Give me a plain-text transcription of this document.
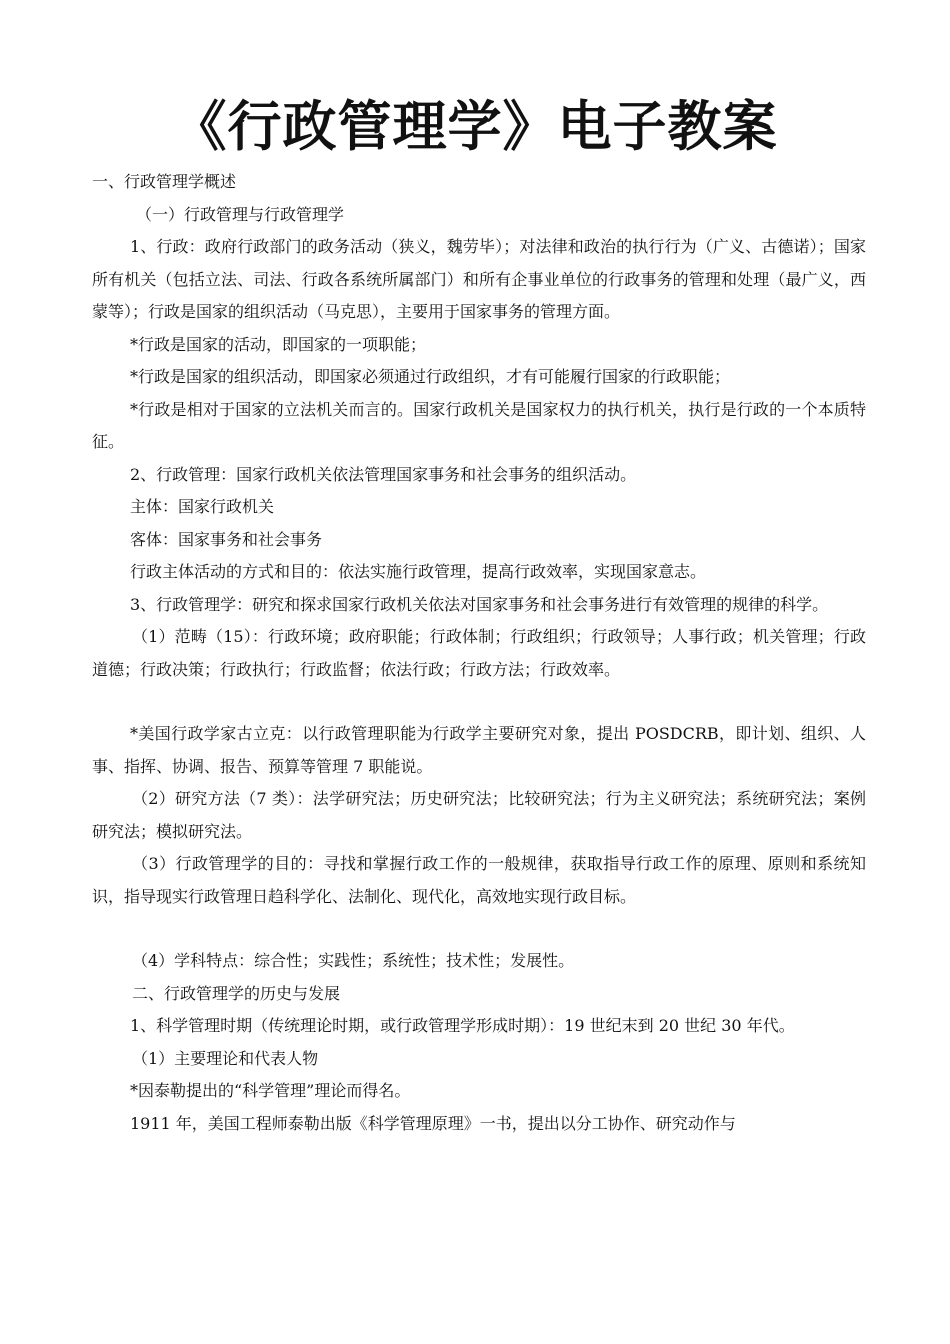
《行政管理学》电子教案

一、行政管理学概述

（一）行政管理与行政管理学

1、行政：政府行政部门的政务活动（狭义，魏劳毕）；对法律和政治的执行行为（广义、古德诺）；国家所有机关（包括立法、司法、行政各系统所属部门）和所有企事业单位的行政事务的管理和处理（最广义，西蒙等）；行政是国家的组织活动（马克思），主要用于国家事务的管理方面。

*行政是国家的活动，即国家的一项职能；

*行政是国家的组织活动，即国家必须通过行政组织，才有可能履行国家的行政职能；

*行政是相对于国家的立法机关而言的。国家行政机关是国家权力的执行机关，执行是行政的一个本质特征。

2、行政管理：国家行政机关依法管理国家事务和社会事务的组织活动。

主体：国家行政机关

客体：国家事务和社会事务

行政主体活动的方式和目的：依法实施行政管理，提高行政效率，实现国家意志。

3、行政管理学：研究和探求国家行政机关依法对国家事务和社会事务进行有效管理的规律的科学。

（1）范畴（15）：行政环境；政府职能；行政体制；行政组织；行政领导；人事行政；机关管理；行政道德；行政决策；行政执行；行政监督；依法行政；行政方法；行政效率。

*美国行政学家古立克：以行政管理职能为行政学主要研究对象，提出 POSDCRB，即计划、组织、人事、指挥、协调、报告、预算等管理 7 职能说。

（2）研究方法（7 类）：法学研究法；历史研究法；比较研究法；行为主义研究法；系统研究法；案例研究法；模拟研究法。

（3）行政管理学的目的：寻找和掌握行政工作的一般规律，获取指导行政工作的原理、原则和系统知识，指导现实行政管理日趋科学化、法制化、现代化，高效地实现行政目标。

（4）学科特点：综合性；实践性；系统性；技术性；发展性。

二、行政管理学的历史与发展

1、科学管理时期（传统理论时期，或行政管理学形成时期）：19 世纪末到 20 世纪 30 年代。

（1）主要理论和代表人物

*因泰勒提出的“科学管理”理论而得名。

1911 年，美国工程师泰勒出版《科学管理原理》一书，提出以分工协作、研究动作与
